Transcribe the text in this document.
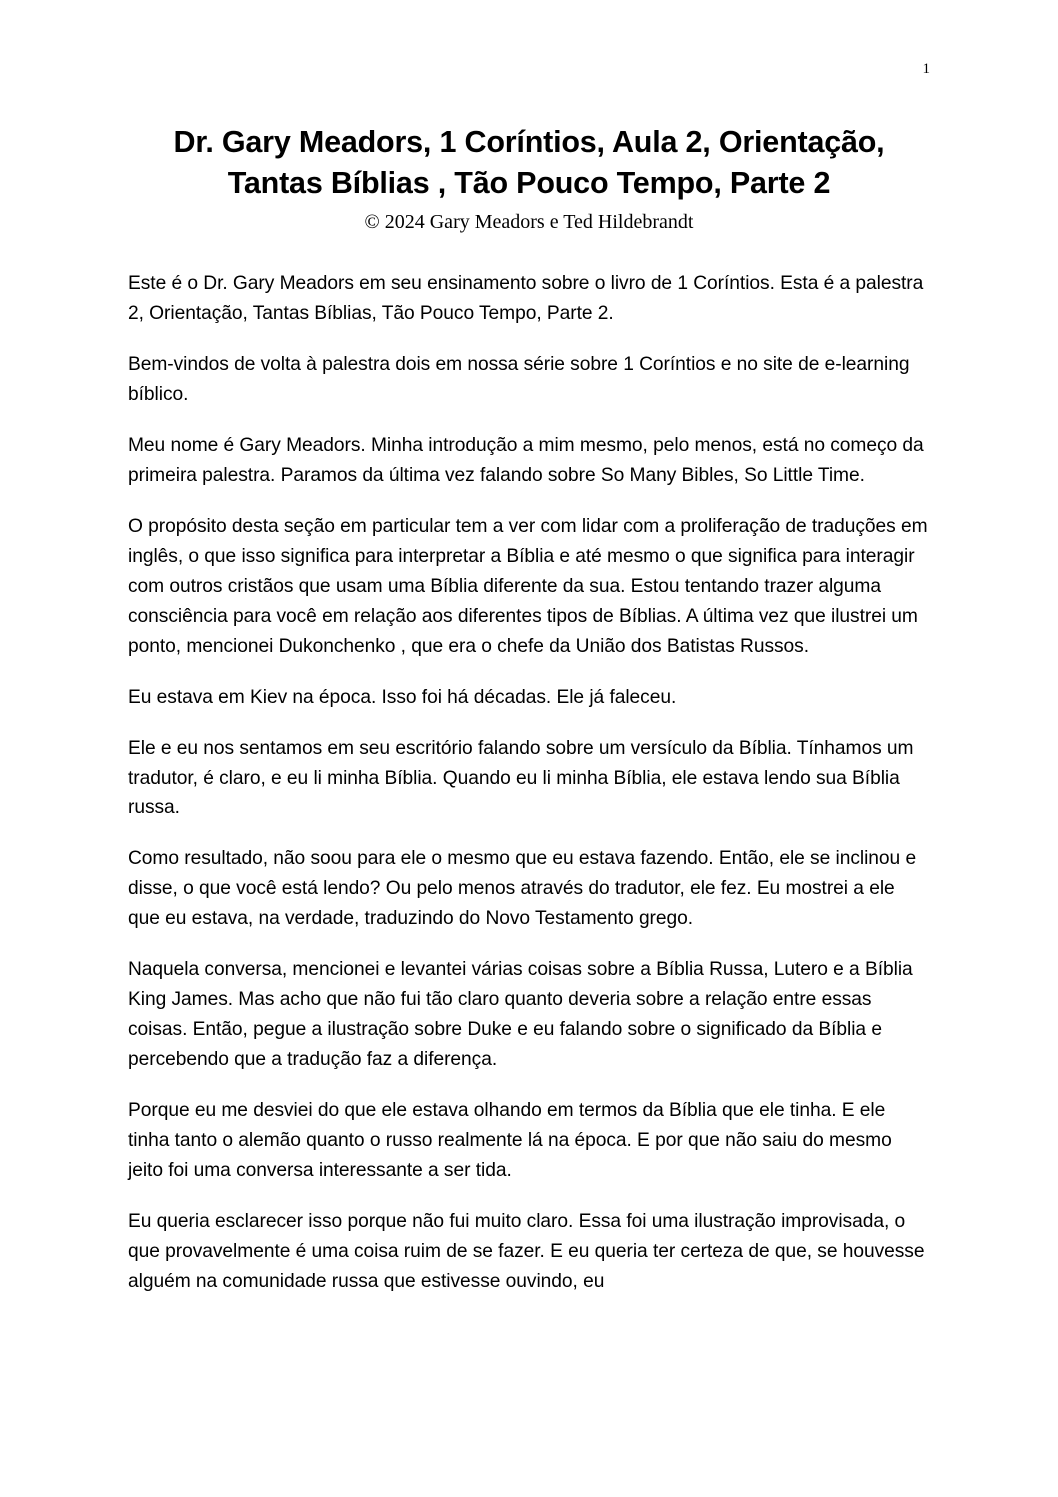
1
Dr. Gary Meadors, 1 Coríntios, Aula 2, Orientação, Tantas Bíblias , Tão Pouco Tempo, Parte 2
© 2024 Gary Meadors e Ted Hildebrandt

Este é o Dr. Gary Meadors em seu ensinamento sobre o livro de 1 Coríntios. Esta é a palestra 2, Orientação, Tantas Bíblias, Tão Pouco Tempo, Parte 2.

Bem-vindos de volta à palestra dois em nossa série sobre 1 Coríntios e no site de e-learning bíblico.

Meu nome é Gary Meadors. Minha introdução a mim mesmo, pelo menos, está no começo da primeira palestra. Paramos da última vez falando sobre So Many Bibles, So Little Time.

O propósito desta seção em particular tem a ver com lidar com a proliferação de traduções em inglês, o que isso significa para interpretar a Bíblia e até mesmo o que significa para interagir com outros cristãos que usam uma Bíblia diferente da sua. Estou tentando trazer alguma consciência para você em relação aos diferentes tipos de Bíblias. A última vez que ilustrei um ponto, mencionei Dukonchenko , que era o chefe da União dos Batistas Russos.

Eu estava em Kiev na época. Isso foi há décadas. Ele já faleceu.

Ele e eu nos sentamos em seu escritório falando sobre um versículo da Bíblia. Tínhamos um tradutor, é claro, e eu li minha Bíblia. Quando eu li minha Bíblia, ele estava lendo sua Bíblia russa.

Como resultado, não soou para ele o mesmo que eu estava fazendo. Então, ele se inclinou e disse, o que você está lendo? Ou pelo menos através do tradutor, ele fez. Eu mostrei a ele que eu estava, na verdade, traduzindo do Novo Testamento grego.

Naquela conversa, mencionei e levantei várias coisas sobre a Bíblia Russa, Lutero e a Bíblia King James. Mas acho que não fui tão claro quanto deveria sobre a relação entre essas coisas. Então, pegue a ilustração sobre Duke e eu falando sobre o significado da Bíblia e percebendo que a tradução faz a diferença.

Porque eu me desviei do que ele estava olhando em termos da Bíblia que ele tinha. E ele tinha tanto o alemão quanto o russo realmente lá na época. E por que não saiu do mesmo jeito foi uma conversa interessante a ser tida.

Eu queria esclarecer isso porque não fui muito claro. Essa foi uma ilustração improvisada, o que provavelmente é uma coisa ruim de se fazer. E eu queria ter certeza de que, se houvesse alguém na comunidade russa que estivesse ouvindo, eu
